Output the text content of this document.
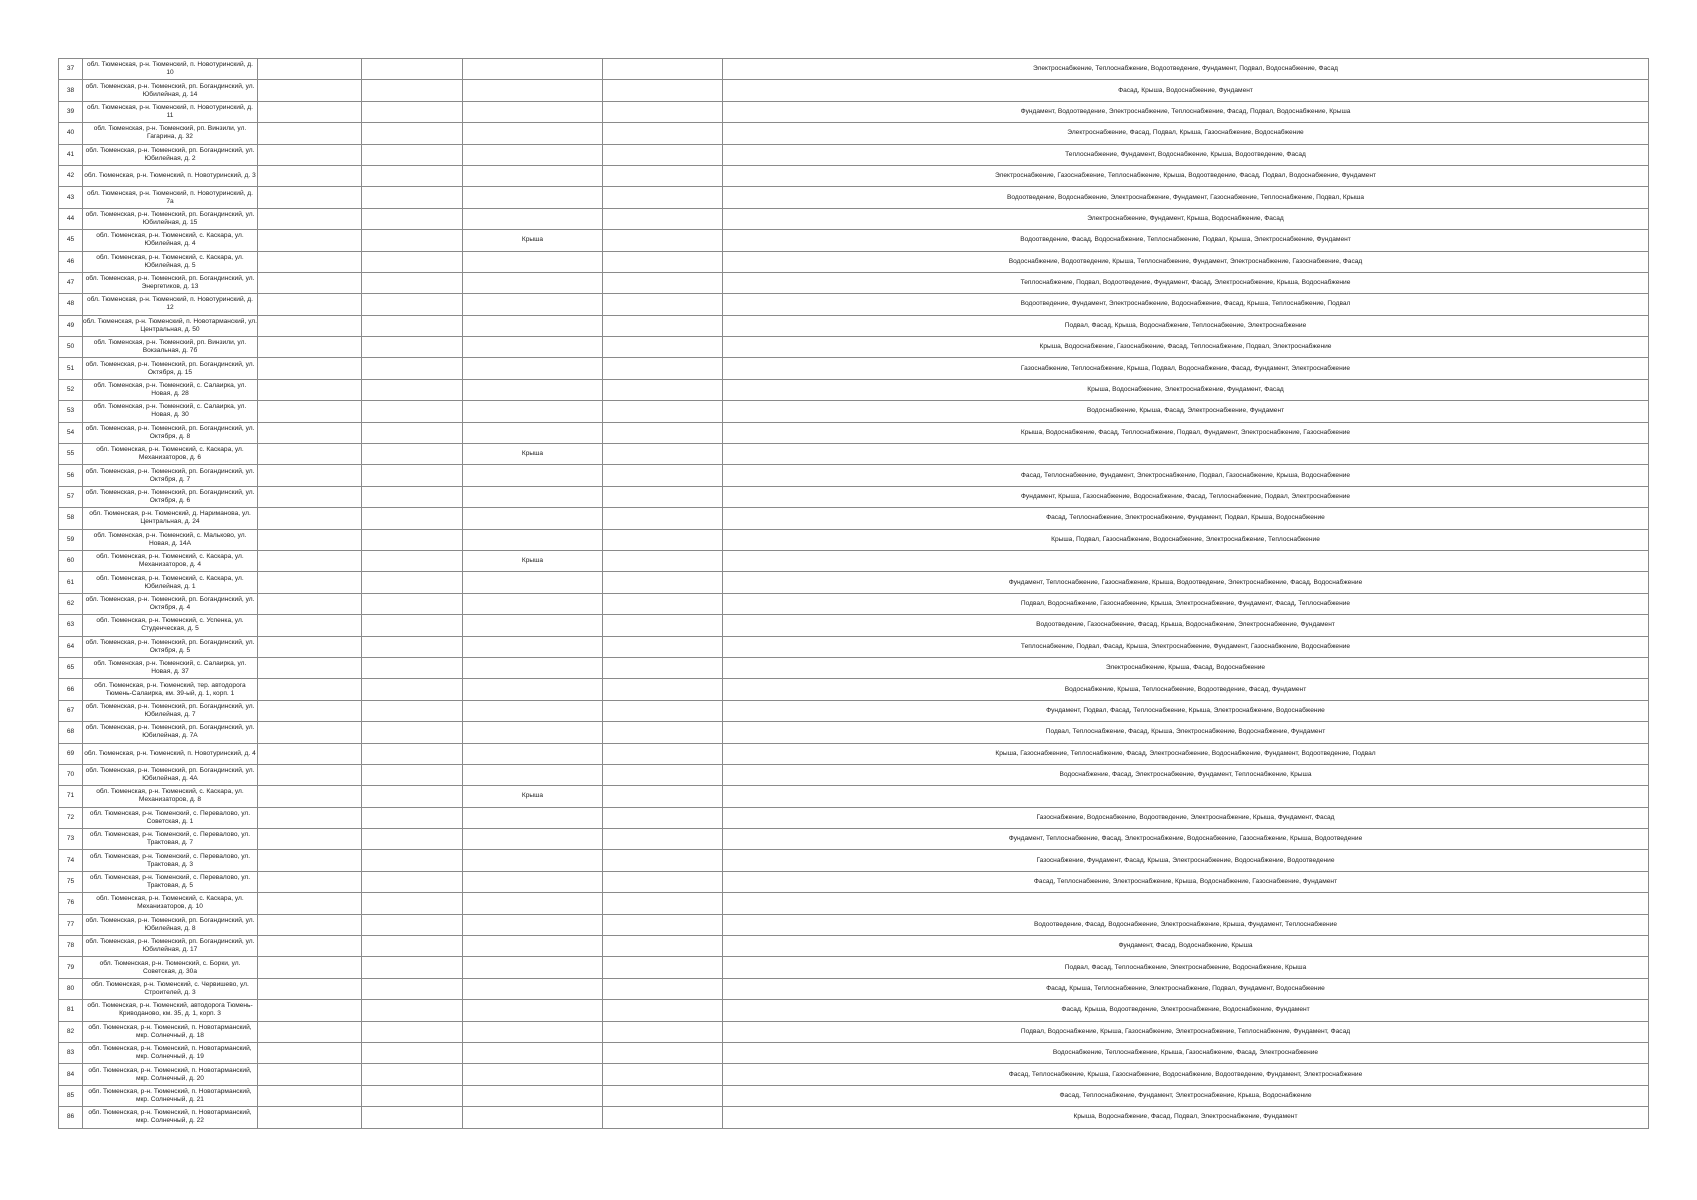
37	обл. Тюменская, р-н. Тюменский, п. Новотуринский, д. 10					Электроснабжение, Теплоснабжение, Водоотведение, Фундамент, Подвал, Водоснабжение, Фасад
38	обл. Тюменская, р-н. Тюменский, рп. Богандинский, ул. Юбилейная, д. 14					Фасад, Крыша, Водоснабжение, Фундамент
39	обл. Тюменская, р-н. Тюменский, п. Новотуринский, д. 11					Фундамент, Водоотведение, Электроснабжение, Теплоснабжение, Фасад, Подвал, Водоснабжение, Крыша
40	обл. Тюменская, р-н. Тюменский, рп. Винзили, ул. Гагарина, д. 32					Электроснабжение, Фасад, Подвал, Крыша, Газоснабжение, Водоснабжение
41	обл. Тюменская, р-н. Тюменский, рп. Богандинский, ул. Юбилейная, д. 2					Теплоснабжение, Фундамент, Водоснабжение, Крыша, Водоотведение, Фасад
42	обл. Тюменская, р-н. Тюменский, п. Новотуринский, д. 3					Электроснабжение, Газоснабжение, Теплоснабжение, Крыша, Водоотведение, Фасад, Подвал, Водоснабжение, Фундамент
43	обл. Тюменская, р-н. Тюменский, п. Новотуринский, д. 7а					Водоотведение, Водоснабжение, Электроснабжение, Фундамент, Газоснабжение, Теплоснабжение, Подвал, Крыша
44	обл. Тюменская, р-н. Тюменский, рп. Богандинский, ул. Юбилейная, д. 15					Электроснабжение, Фундамент, Крыша, Водоснабжение, Фасад
45	обл. Тюменская, р-н. Тюменский, с. Каскара, ул. Юбилейная, д. 4			Крыша		Водоотведение, Фасад, Водоснабжение, Теплоснабжение, Подвал, Крыша, Электроснабжение, Фундамент
46	обл. Тюменская, р-н. Тюменский, с. Каскара, ул. Юбилейная, д. 5					Водоснабжение, Водоотведение, Крыша, Теплоснабжение, Фундамент, Электроснабжение, Газоснабжение, Фасад
47	обл. Тюменская, р-н. Тюменский, рп. Богандинский, ул. Энергетиков, д. 13					Теплоснабжение, Подвал, Водоотведение, Фундамент, Фасад, Электроснабжение, Крыша, Водоснабжение
48	обл. Тюменская, р-н. Тюменский, п. Новотуринский, д. 12					Водоотведение, Фундамент, Электроснабжение, Водоснабжение, Фасад, Крыша, Теплоснабжение, Подвал
49	обл. Тюменская, р-н. Тюменский, п. Новотарманский, ул. Центральная, д. 50					Подвал, Фасад, Крыша, Водоснабжение, Теплоснабжение, Электроснабжение
50	обл. Тюменская, р-н. Тюменский, рп. Винзили, ул. Вокзальная, д. 7б					Крыша, Водоснабжение, Газоснабжение, Фасад, Теплоснабжение, Подвал, Электроснабжение
51	обл. Тюменская, р-н. Тюменский, рп. Богандинский, ул. Октября, д. 15					Газоснабжение, Теплоснабжение, Крыша, Подвал, Водоснабжение, Фасад, Фундамент, Электроснабжение
52	обл. Тюменская, р-н. Тюменский, с. Салаирка, ул. Новая, д. 28					Крыша, Водоснабжение, Электроснабжение, Фундамент, Фасад
53	обл. Тюменская, р-н. Тюменский, с. Салаирка, ул. Новая, д. 30					Водоснабжение, Крыша, Фасад, Электроснабжение, Фундамент
54	обл. Тюменская, р-н. Тюменский, рп. Богандинский, ул. Октября, д. 8					Крыша, Водоснабжение, Фасад, Теплоснабжение, Подвал, Фундамент, Электроснабжение, Газоснабжение
55	обл. Тюменская, р-н. Тюменский, с. Каскара, ул. Механизаторов, д. 6			Крыша		
56	обл. Тюменская, р-н. Тюменский, рп. Богандинский, ул. Октября, д. 7					Фасад, Теплоснабжение, Фундамент, Электроснабжение, Подвал, Газоснабжение, Крыша, Водоснабжение
57	обл. Тюменская, р-н. Тюменский, рп. Богандинский, ул. Октября, д. 6					Фундамент, Крыша, Газоснабжение, Водоснабжение, Фасад, Теплоснабжение, Подвал, Электроснабжение
58	обл. Тюменская, р-н. Тюменский, д. Нариманова, ул. Центральная, д. 24					Фасад, Теплоснабжение, Электроснабжение, Фундамент, Подвал, Крыша, Водоснабжение
59	обл. Тюменская, р-н. Тюменский, с. Мальково, ул. Новая, д. 14А					Крыша, Подвал, Газоснабжение, Водоснабжение, Электроснабжение, Теплоснабжение
60	обл. Тюменская, р-н. Тюменский, с. Каскара, ул. Механизаторов, д. 4			Крыша		
61	обл. Тюменская, р-н. Тюменский, с. Каскара, ул. Юбилейная, д. 1					Фундамент, Теплоснабжение, Газоснабжение, Крыша, Водоотведение, Электроснабжение, Фасад, Водоснабжение
62	обл. Тюменская, р-н. Тюменский, рп. Богандинский, ул. Октября, д. 4					Подвал, Водоснабжение, Газоснабжение, Крыша, Электроснабжение, Фундамент, Фасад, Теплоснабжение
63	обл. Тюменская, р-н. Тюменский, с. Успенка, ул. Студенческая, д. 5					Водоотведение, Газоснабжение, Фасад, Крыша, Водоснабжение, Электроснабжение, Фундамент
64	обл. Тюменская, р-н. Тюменский, рп. Богандинский, ул. Октября, д. 5					Теплоснабжение, Подвал, Фасад, Крыша, Электроснабжение, Фундамент, Газоснабжение, Водоснабжение
65	обл. Тюменская, р-н. Тюменский, с. Салаирка, ул. Новая, д. 37					Электроснабжение, Крыша, Фасад, Водоснабжение
66	обл. Тюменская, р-н. Тюменский, тер. автодорога Тюмень-Салаирка, км. 39-ый, д. 1, корп. 1					Водоснабжение, Крыша, Теплоснабжение, Водоотведение, Фасад, Фундамент
67	обл. Тюменская, р-н. Тюменский, рп. Богандинский, ул. Юбилейная, д. 7					Фундамент, Подвал, Фасад, Теплоснабжение, Крыша, Электроснабжение, Водоснабжение
68	обл. Тюменская, р-н. Тюменский, рп. Богандинский, ул. Юбилейная, д. 7А					Подвал, Теплоснабжение, Фасад, Крыша, Электроснабжение, Водоснабжение, Фундамент
69	обл. Тюменская, р-н. Тюменский, п. Новотуринский, д. 4					Крыша, Газоснабжение, Теплоснабжение, Фасад, Электроснабжение, Водоснабжение, Фундамент, Водоотведение, Подвал
70	обл. Тюменская, р-н. Тюменский, рп. Богандинский, ул. Юбилейная, д. 4А					Водоснабжение, Фасад, Электроснабжение, Фундамент, Теплоснабжение, Крыша
71	обл. Тюменская, р-н. Тюменский, с. Каскара, ул. Механизаторов, д. 8			Крыша		
72	обл. Тюменская, р-н. Тюменский, с. Перевалово, ул. Советская, д. 1					Газоснабжение, Водоснабжение, Водоотведение, Электроснабжение, Крыша, Фундамент, Фасад
73	обл. Тюменская, р-н. Тюменский, с. Перевалово, ул. Трактовая, д. 7					Фундамент, Теплоснабжение, Фасад, Электроснабжение, Водоснабжение, Газоснабжение, Крыша, Водоотведение
74	обл. Тюменская, р-н. Тюменский, с. Перевалово, ул. Трактовая, д. 3					Газоснабжение, Фундамент, Фасад, Крыша, Электроснабжение, Водоснабжение, Водоотведение
75	обл. Тюменская, р-н. Тюменский, с. Перевалово, ул. Трактовая, д. 5					Фасад, Теплоснабжение, Электроснабжение, Крыша, Водоснабжение, Газоснабжение, Фундамент
76	обл. Тюменская, р-н. Тюменский, с. Каскара, ул. Механизаторов, д. 10					
77	обл. Тюменская, р-н. Тюменский, рп. Богандинский, ул. Юбилейная, д. 8					Водоотведение, Фасад, Водоснабжение, Электроснабжение, Крыша, Фундамент, Теплоснабжение
78	обл. Тюменская, р-н. Тюменский, рп. Богандинский, ул. Юбилейная, д. 17					Фундамент, Фасад, Водоснабжение, Крыша
79	обл. Тюменская, р-н. Тюменский, с. Борки, ул. Советская, д. 30а					Подвал, Фасад, Теплоснабжение, Электроснабжение, Водоснабжение, Крыша
80	обл. Тюменская, р-н. Тюменский, с. Червишево, ул. Строителей, д. 3					Фасад, Крыша, Теплоснабжение, Электроснабжение, Подвал, Фундамент, Водоснабжение
81	обл. Тюменская, р-н. Тюменский, автодорога Тюмень-Криводаново, км. 35, д. 1, корп. 3					Фасад, Крыша, Водоотведение, Электроснабжение, Водоснабжение, Фундамент
82	обл. Тюменская, р-н. Тюменский, п. Новотарманский, мкр. Солнечный, д. 18					Подвал, Водоснабжение, Крыша, Газоснабжение, Электроснабжение, Теплоснабжение, Фундамент, Фасад
83	обл. Тюменская, р-н. Тюменский, п. Новотарманский, мкр. Солнечный, д. 19					Водоснабжение, Теплоснабжение, Крыша, Газоснабжение, Фасад, Электроснабжение
84	обл. Тюменская, р-н. Тюменский, п. Новотарманский, мкр. Солнечный, д. 20					Фасад, Теплоснабжение, Крыша, Газоснабжение, Водоснабжение, Водоотведение, Фундамент, Электроснабжение
85	обл. Тюменская, р-н. Тюменский, п. Новотарманский, мкр. Солнечный, д. 21					Фасад, Теплоснабжение, Фундамент, Электроснабжение, Крыша, Водоснабжение
86	обл. Тюменская, р-н. Тюменский, п. Новотарманский, мкр. Солнечный, д. 22					Крыша, Водоснабжение, Фасад, Подвал, Электроснабжение, Фундамент
